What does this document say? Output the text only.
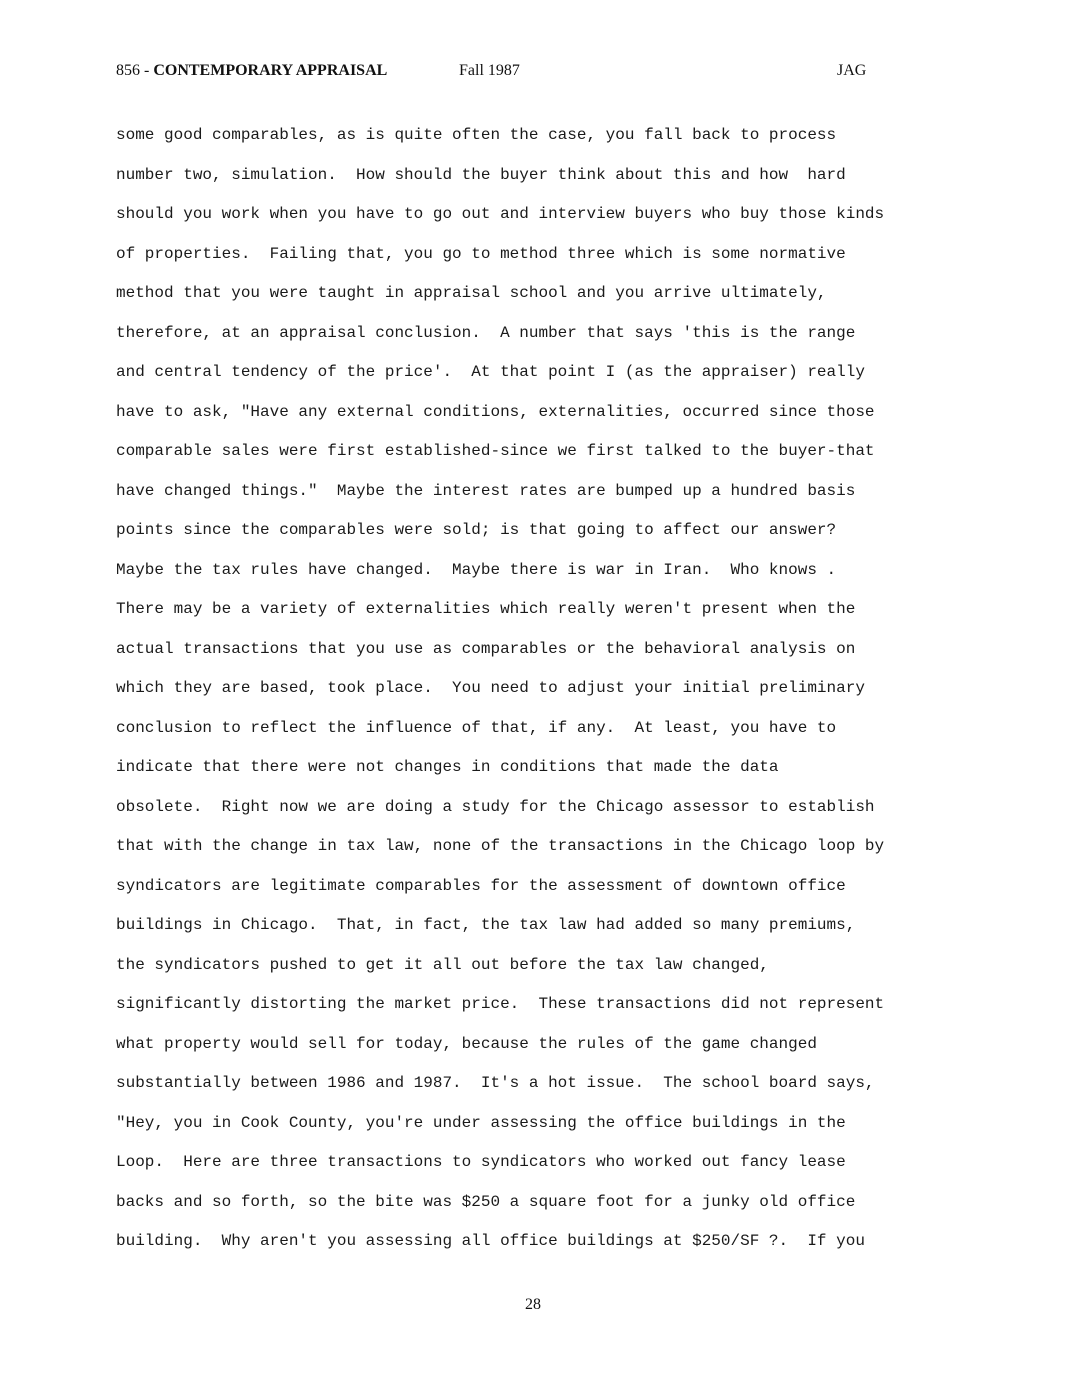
856 - CONTEMPORARY APPRAISAL	Fall 1987	JAG
some good comparables, as is quite often the case, you fall back to process
number two, simulation.  How should the buyer think about this and how  hard
should you work when you have to go out and interview buyers who buy those kinds
of properties.  Failing that, you go to method three which is some normative
method that you were taught in appraisal school and you arrive ultimately,
therefore, at an appraisal conclusion.  A number that says 'this is the range
and central tendency of the price'.  At that point I (as the appraiser) really
have to ask, "Have any external conditions, externalities, occurred since those
comparable sales were first established-since we first talked to the buyer-that
have changed things."  Maybe the interest rates are bumped up a hundred basis
points since the comparables were sold; is that going to affect our answer?
Maybe the tax rules have changed.  Maybe there is war in Iran.  Who knows .
There may be a variety of externalities which really weren't present when the
actual transactions that you use as comparables or the behavioral analysis on
which they are based, took place.  You need to adjust your initial preliminary
conclusion to reflect the influence of that, if any.  At least, you have to
indicate that there were not changes in conditions that made the data
obsolete.  Right now we are doing a study for the Chicago assessor to establish
that with the change in tax law, none of the transactions in the Chicago loop by
syndicators are legitimate comparables for the assessment of downtown office
buildings in Chicago.  That, in fact, the tax law had added so many premiums,
the syndicators pushed to get it all out before the tax law changed,
significantly distorting the market price.  These transactions did not represent
what property would sell for today, because the rules of the game changed
substantially between 1986 and 1987.  It's a hot issue.  The school board says,
"Hey, you in Cook County, you're under assessing the office buildings in the
Loop.  Here are three transactions to syndicators who worked out fancy lease
backs and so forth, so the bite was $250 a square foot for a junky old office
building.  Why aren't you assessing all office buildings at $250/SF ?.  If you
28
